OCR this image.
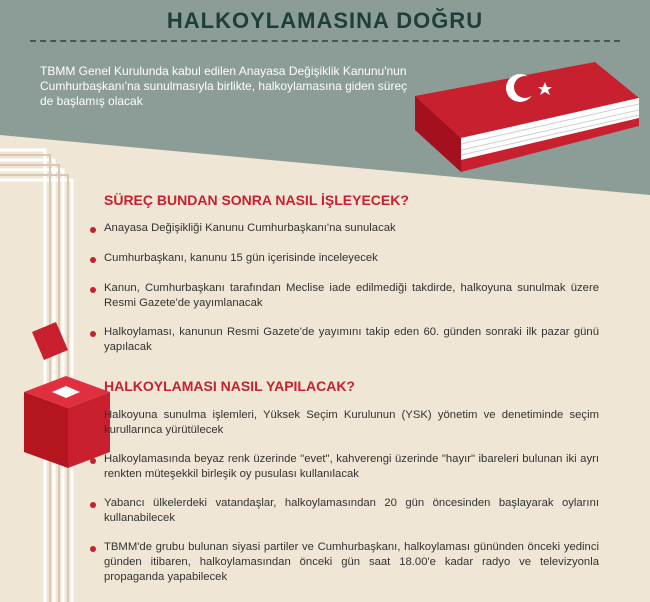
HALKOYLAMASINA DOĞRU
TBMM Genel Kurulunda kabul edilen Anayasa Değişiklik Kanunu'nun Cumhurbaşkanı'na sunulmasıyla birlikte, halkoylamasına giden süreç de başlamış olacak
SÜREÇ BUNDAN SONRA NASIL İŞLEYECEK?
Anayasa Değişikliği Kanunu Cumhurbaşkanı'na sunulacak
Cumhurbaşkanı, kanunu 15 gün içerisinde inceleyecek
Kanun, Cumhurbaşkanı tarafından Meclise iade edilmediği takdirde, halkoyuna sunulmak üzere Resmi Gazete'de yayımlanacak
Halkoylaması, kanunun Resmi Gazete'de yayımını takip eden 60. günden sonraki ilk pazar günü yapılacak
HALKOYLAMASI NASIL YAPILACAK?
Halkoyuna sunulma işlemleri, Yüksek Seçim Kurulunun (YSK) yönetim ve denetiminde seçim kurullarınca yürütülecek
Halkoylamasında beyaz renk üzerinde "evet", kahverengi üzerinde "hayır" ibareleri bulunan iki ayrı renkten müteşekkil birleşik oy pusulası kullanılacak
Yabancı ülkelerdeki vatandaşlar, halkoylamasından 20 gün öncesinden başlayarak oylarını kullanabilecek
TBMM'de grubu bulunan siyasi partiler ve Cumhurbaşkanı, halkoylaması gününden önceki yedinci günden itibaren, halkoylamasından önceki gün saat 18.00'e kadar radyo ve televizyonla propaganda yapabilecek
